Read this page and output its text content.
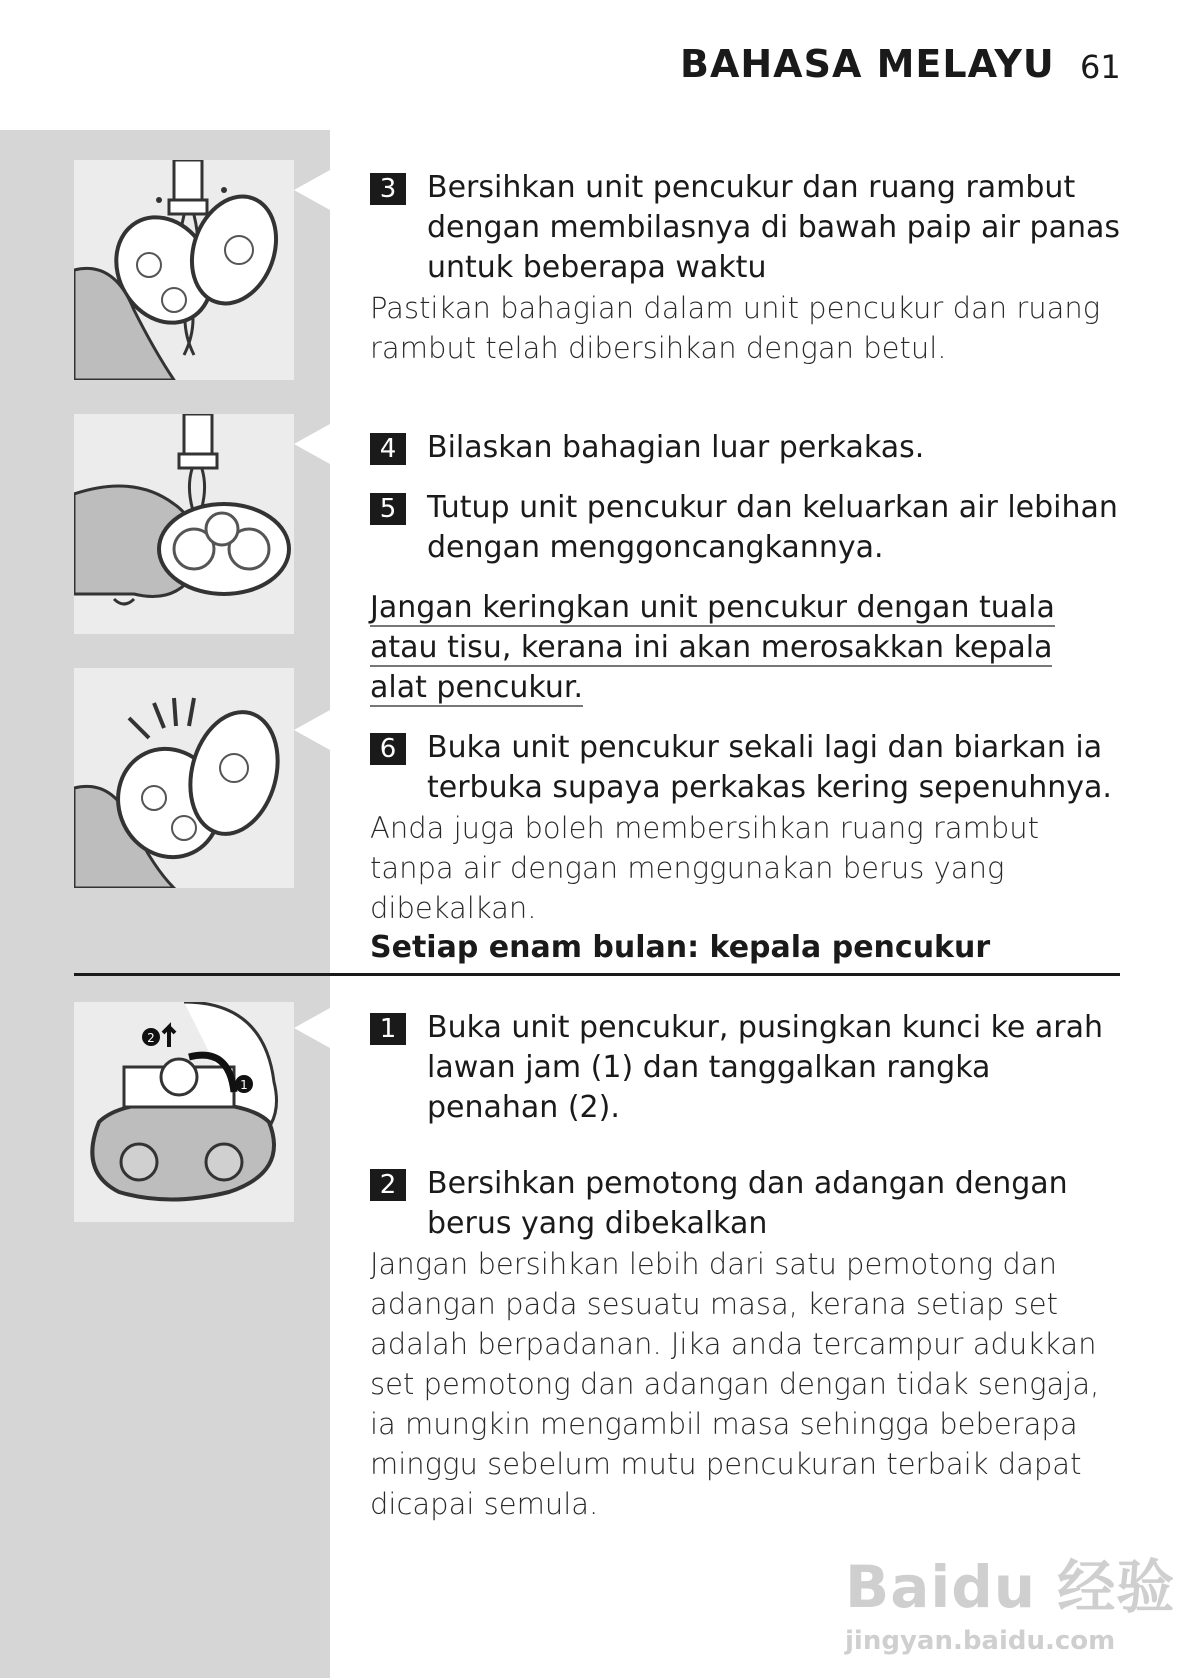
BAHASA MELAYU 61
2
1
3	Bersihkan unit pencukur dan ruang rambut dengan membilasnya di bawah paip air panas untuk beberapa waktu
Pastikan bahagian dalam unit pencukur dan ruang rambut telah dibersihkan dengan betul.
4	Bilaskan bahagian luar perkakas.
5	Tutup unit pencukur dan keluarkan air lebihan dengan menggoncangkannya.
Jangan keringkan unit pencukur dengan tuala atau tisu, kerana ini akan merosakkan kepala alat pencukur.
6	Buka unit pencukur sekali lagi dan biarkan ia terbuka supaya perkakas kering sepenuhnya.
Anda juga boleh membersihkan ruang rambut tanpa air dengan menggunakan berus yang dibekalkan.
Setiap enam bulan: kepala pencukur
1	Buka unit pencukur, pusingkan kunci ke arah lawan jam (1) dan tanggalkan rangka penahan (2).
2	Bersihkan pemotong dan adangan dengan berus yang dibekalkan
Jangan bersihkan lebih dari satu pemotong dan adangan pada sesuatu masa, kerana setiap set adalah berpadanan. Jika anda tercampur adukkan set pemotong dan adangan dengan tidak sengaja, ia mungkin mengambil masa sehingga beberapa minggu sebelum mutu pencukuran terbaik dapat dicapai semula.
Baidu 经验
jingyan.baidu.com
